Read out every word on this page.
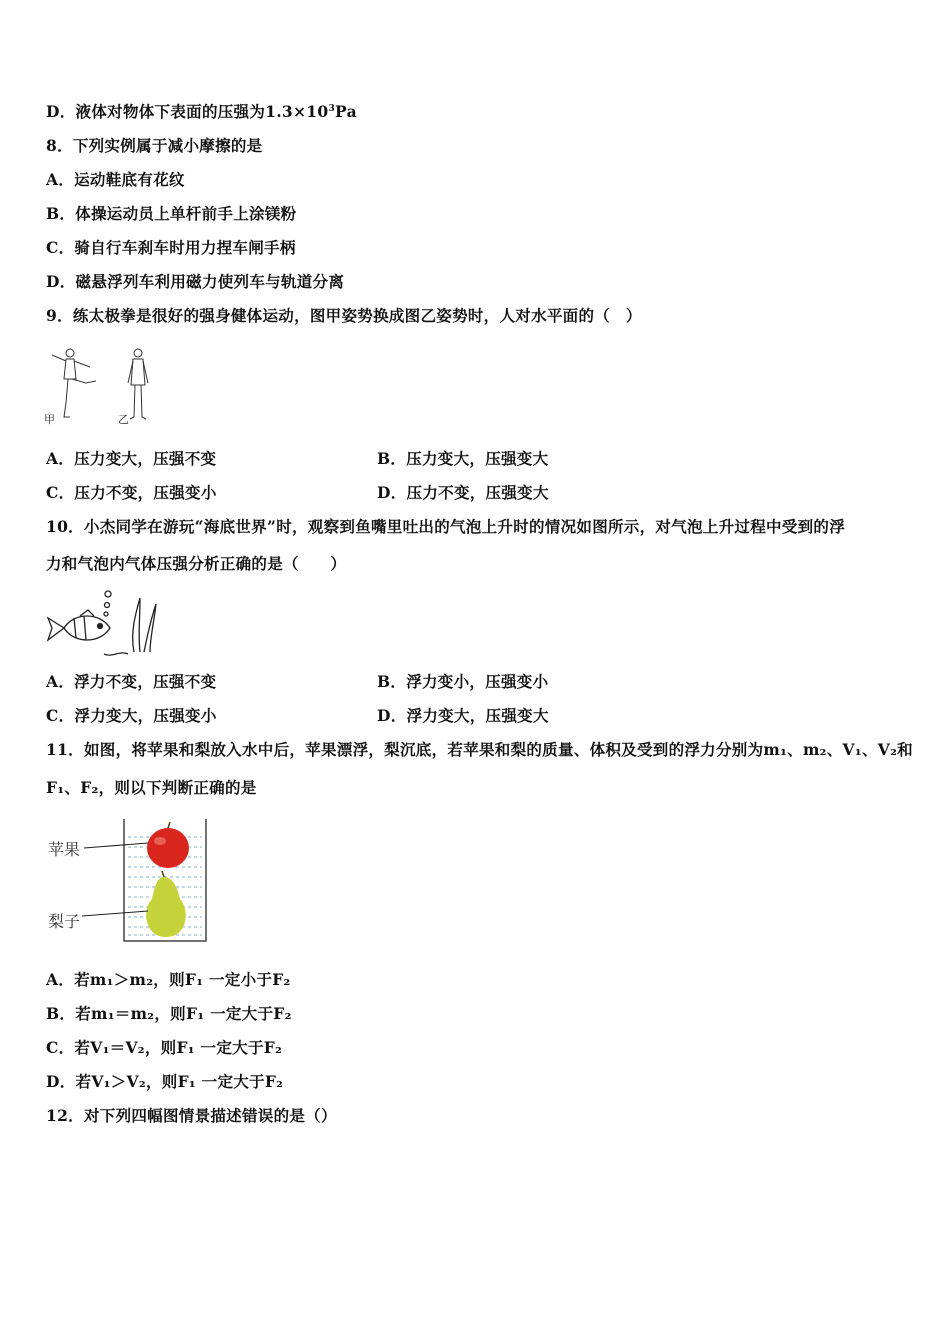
D．液体对物体下表面的压强为$1.3\times 10^3Pa$
8．下列实例属于减小摩擦的是
A．运动鞋底有花纹
B．体操运动员上单杆前手上涂镁粉
C．骑自行车刹车时用力捏车闸手柄
D．磁悬浮列车利用磁力使列车与轨道分离
9．练太极拳是很好的强身健体运动，图甲姿势换成图乙姿势时，人对水平面的（　）
甲	乙
A．压力变大，压强不变	B．压力变大，压强变大
C．压力不变，压强变小	D．压力不变，压强变大
10．小杰同学在游玩“海底世界”时，观察到鱼嘴里吐出的气泡上升时的情况如图所示，对气泡上升过程中受到的浮
力和气泡内气体压强分析正确的是（　　）
A．浮力不变，压强不变	B．浮力变小，压强变小
C．浮力变大，压强变小	D．浮力变大，压强变大
11．如图，将苹果和梨放入水中后，苹果漂浮，梨沉底，若苹果和梨的质量、体积及受到的浮力分别为m₁、m₂、V₁、V₂和
F₁、F₂，则以下判断正确的是
苹果
梨子
A．若m₁＞m₂，则F₁ 一定小于F₂
B．若m₁＝m₂，则F₁ 一定大于F₂
C．若V₁＝V₂，则F₁ 一定大于F₂
D．若V₁＞V₂，则F₁ 一定大于F₂
12．对下列四幅图情景描述错误的是（）
